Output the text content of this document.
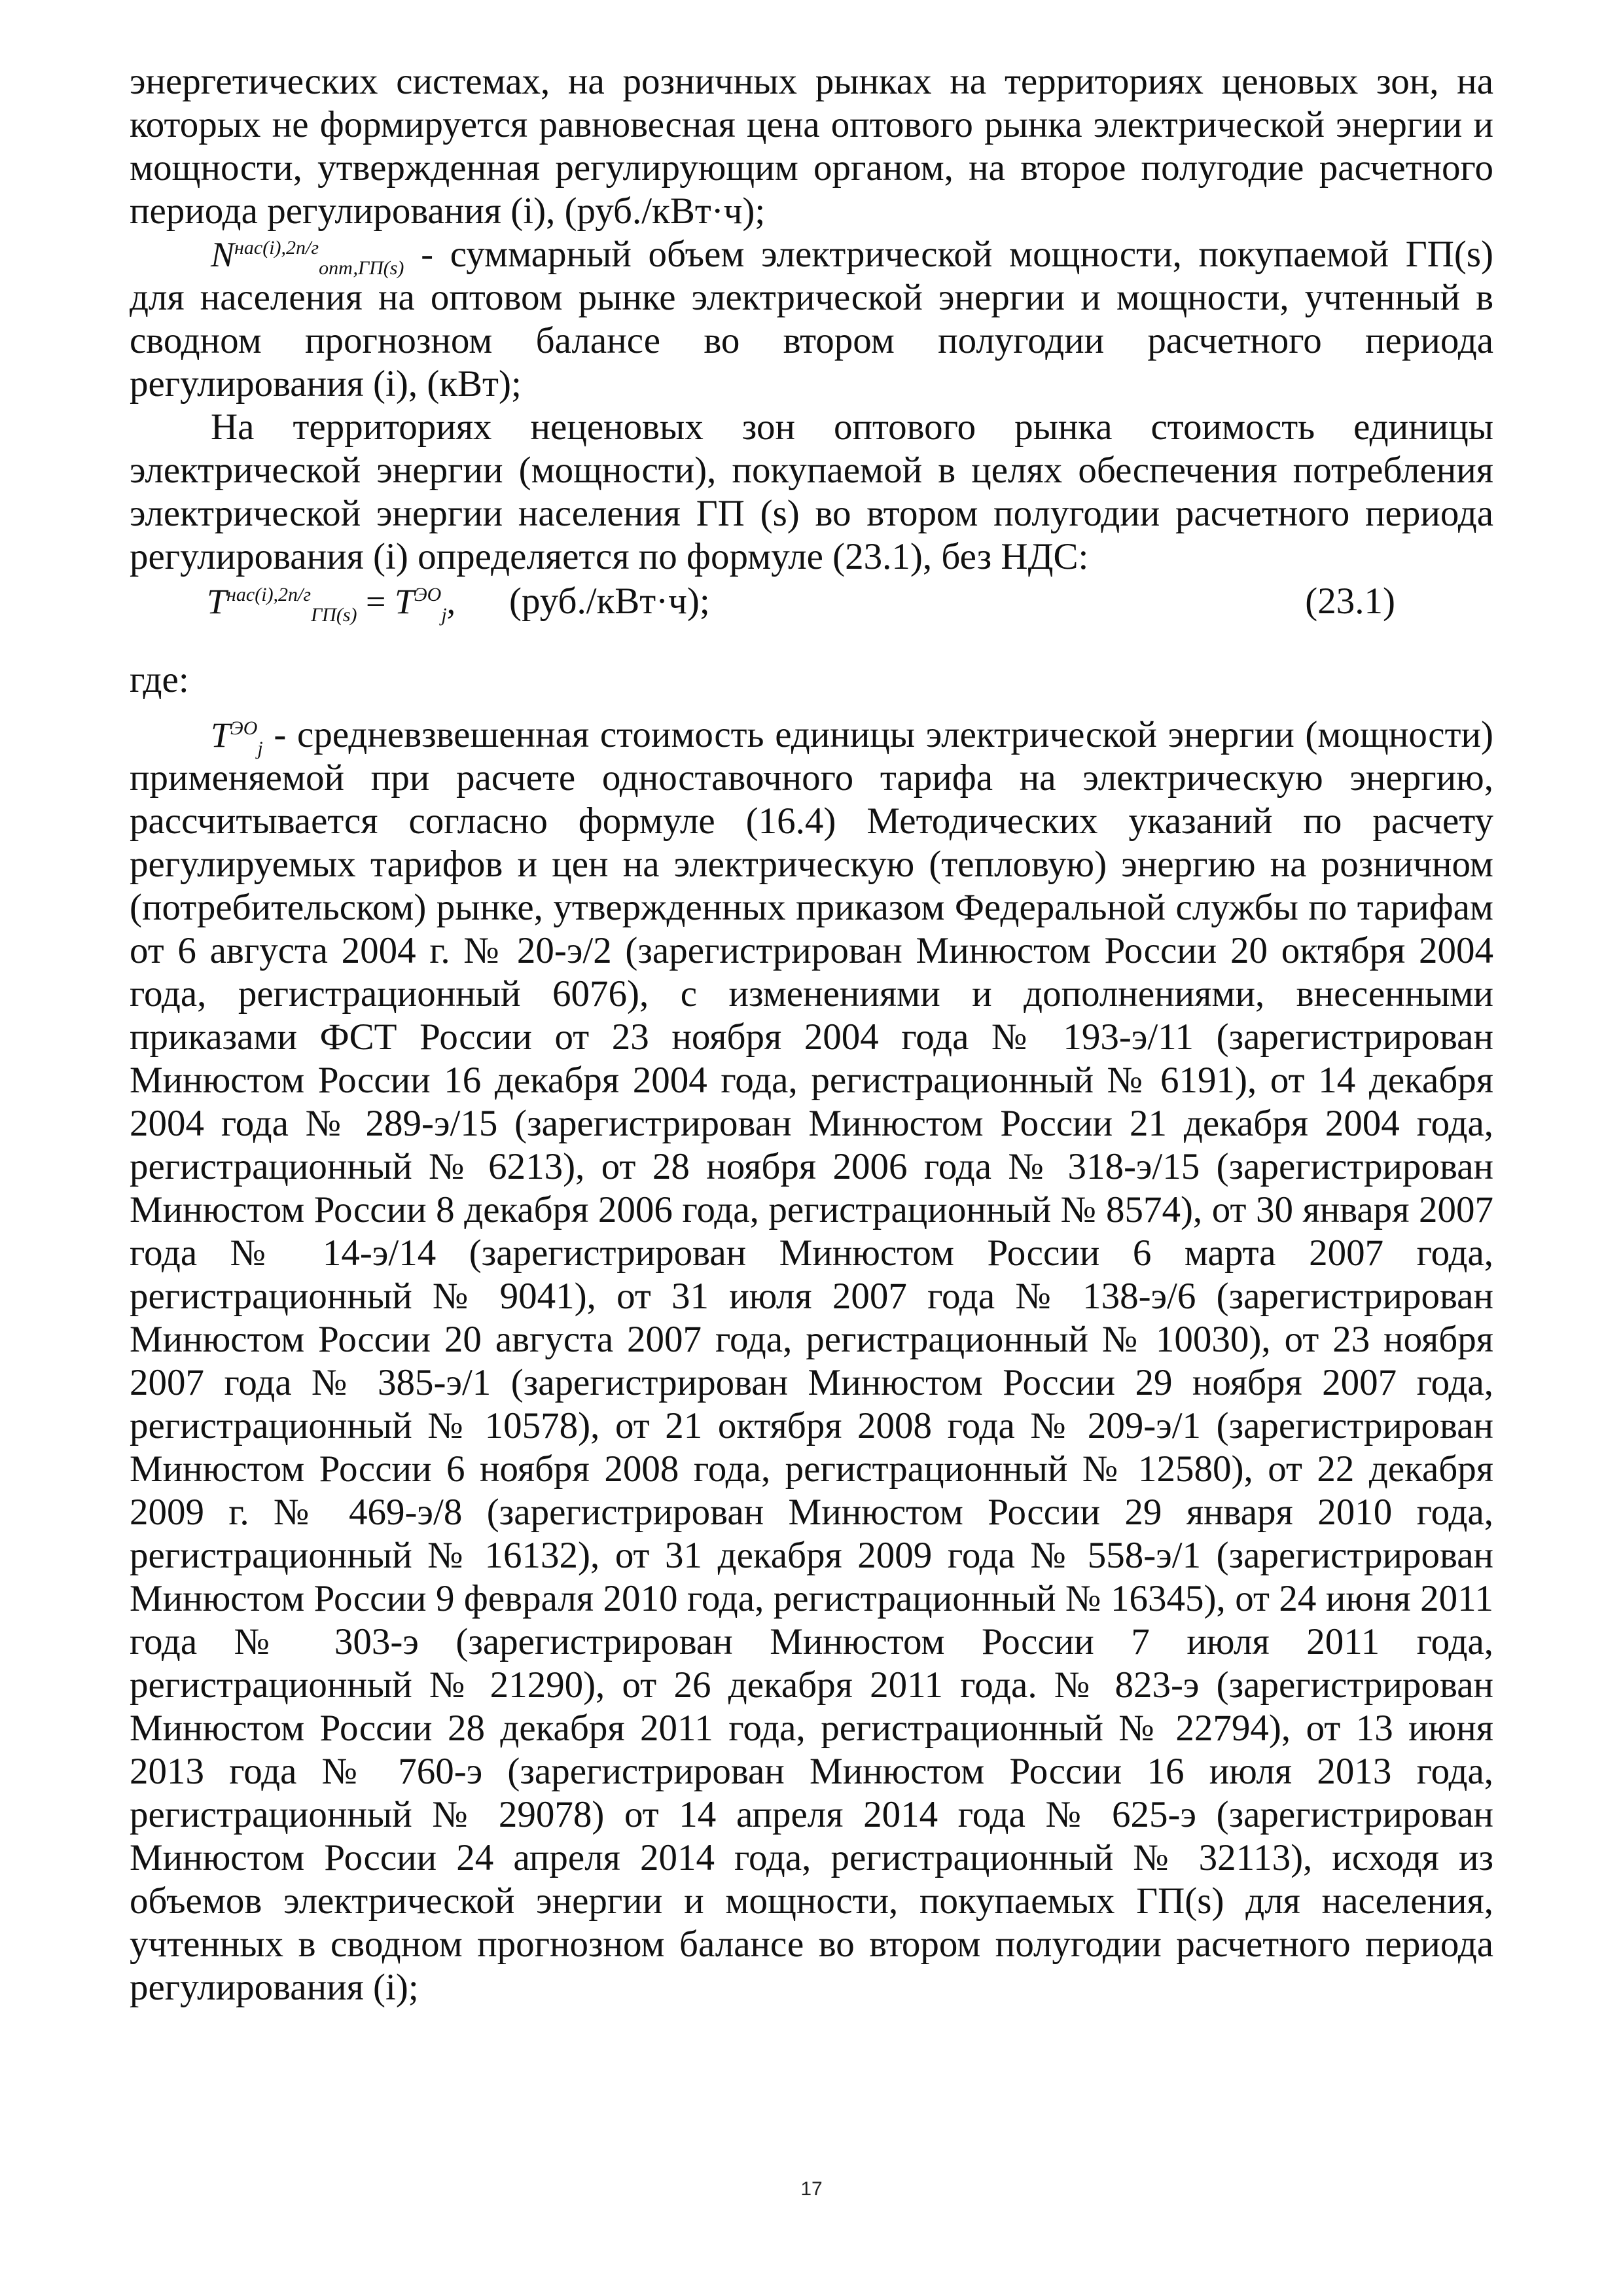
энергетических системах, на розничных рынках на территориях ценовых зон, на которых не формируется равновесная цена оптового рынка электрической энергии и мощности, утвержденная регулирующим органом, на второе полугодие расчетного периода регулирования (i), (руб./кВт·ч);

$N^{нас(i),2п/г}_{опт,ГП(s)}$ - суммарный объем электрической мощности, покупаемой ГП(s) для населения на оптовом рынке электрической энергии и мощности, учтенный в сводном прогнозном балансе во втором полугодии расчетного периода регулирования (i), (кВт);

На территориях неценовых зон оптового рынка стоимость единицы электрической энергии (мощности), покупаемой в целях обеспечения потребления электрической энергии населения ГП (s) во втором полугодии расчетного периода регулирования (i) определяется по формуле (23.1), без НДС:

$T^{нас(i),2п/г}_{ГП(s)} = T^{ЭО}_j$, (руб./кВт·ч);	(23.1)

где:

$T^{ЭО}_j$ - средневзвешенная стоимость единицы электрической энергии (мощности) применяемой при расчете одноставочного тарифа на электрическую энергию, рассчитывается согласно формуле (16.4) Методических указаний по расчету регулируемых тарифов и цен на электрическую (тепловую) энергию на розничном (потребительском) рынке, утвержденных приказом Федеральной службы по тарифам от 6 августа 2004 г. № 20-э/2 (зарегистрирован Минюстом России 20 октября 2004 года, регистрационный 6076), с изменениями и дополнениями, внесенными приказами ФСТ России от 23 ноября 2004 года № 193-э/11 (зарегистрирован Минюстом России 16 декабря 2004 года, регистрационный № 6191), от 14 декабря 2004 года № 289-э/15 (зарегистрирован Минюстом России 21 декабря 2004 года, регистрационный № 6213), от 28 ноября 2006 года № 318-э/15 (зарегистрирован Минюстом России 8 декабря 2006 года, регистрационный № 8574), от 30 января 2007 года № 14-э/14 (зарегистрирован Минюстом России 6 марта 2007 года, регистрационный № 9041), от 31 июля 2007 года № 138-э/6 (зарегистрирован Минюстом России 20 августа 2007 года, регистрационный № 10030), от 23 ноября 2007 года № 385-э/1 (зарегистрирован Минюстом России 29 ноября 2007 года, регистрационный № 10578), от 21 октября 2008 года № 209-э/1 (зарегистрирован Минюстом России 6 ноября 2008 года, регистрационный № 12580), от 22 декабря 2009 г. № 469-э/8 (зарегистрирован Минюстом России 29 января 2010 года, регистрационный № 16132), от 31 декабря 2009 года № 558-э/1 (зарегистрирован Минюстом России 9 февраля 2010 года, регистрационный № 16345), от 24 июня 2011 года № 303-э (зарегистрирован Минюстом России 7 июля 2011 года, регистрационный № 21290), от 26 декабря 2011 года. № 823-э (зарегистрирован Минюстом России 28 декабря 2011 года, регистрационный № 22794), от 13 июня 2013 года № 760-э (зарегистрирован Минюстом России 16 июля 2013 года, регистрационный № 29078) от 14 апреля 2014 года № 625-э (зарегистрирован Минюстом России 24 апреля 2014 года, регистрационный № 32113), исходя из объемов электрической энергии и мощности, покупаемых ГП(s) для населения, учтенных в сводном прогнозном балансе во втором полугодии расчетного периода регулирования (i);

17
